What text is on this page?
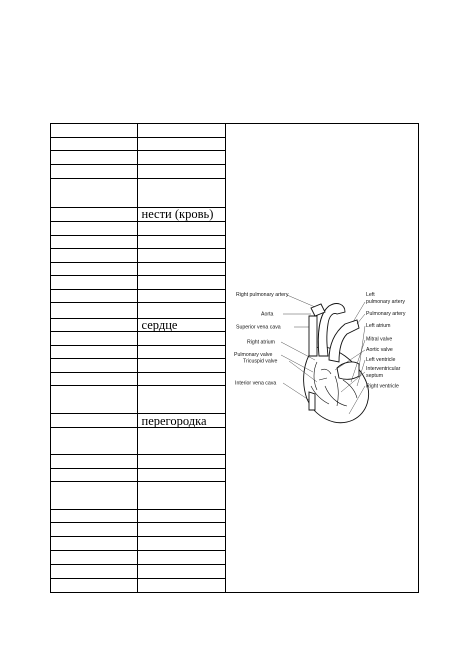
	нести (кровь)

	сердце

	перегородка

Right pulmonary artery
Aorta
Superior vena cava
Right atrium
Pulmonary valve
Tricuspid valve
Interior vena cava
Left
pulmonary artery
Pulmonary artery
Left atrium
Mitral valve
Aortic valve
Left ventricle
Interventricular
septum
Right ventricle
